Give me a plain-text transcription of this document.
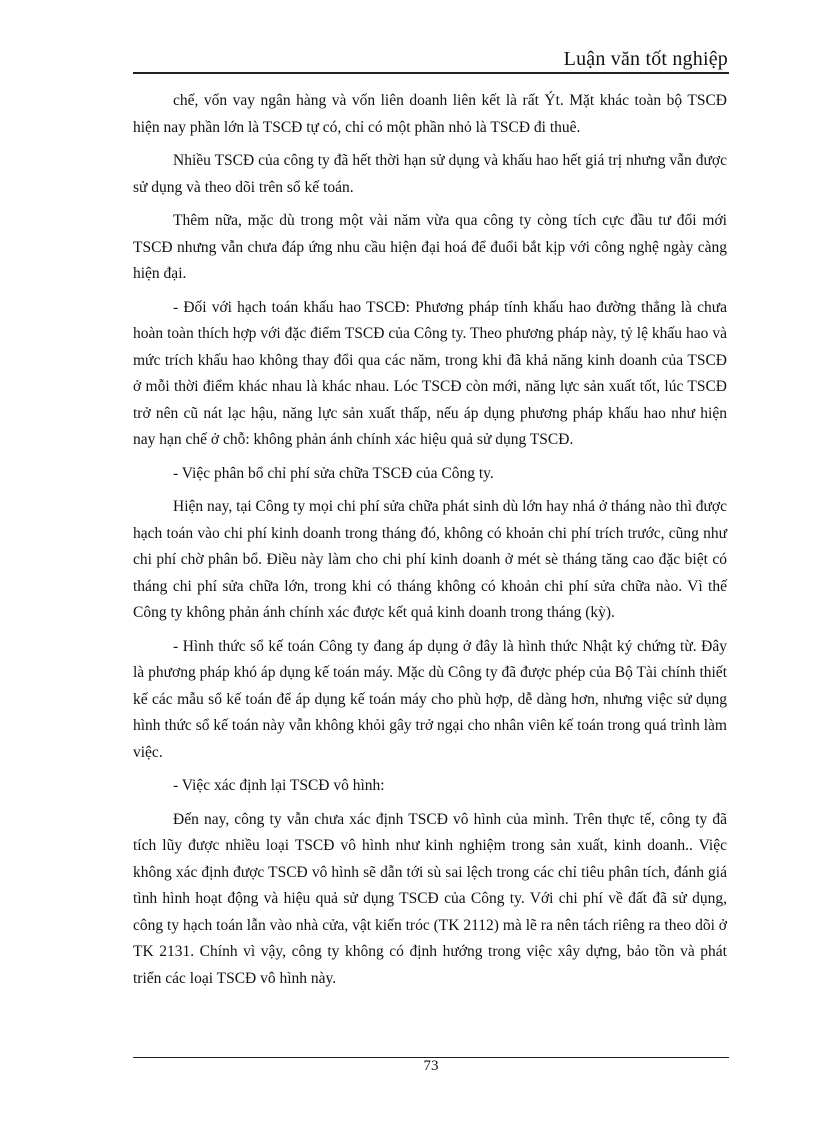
Luận văn tốt nghiệp

chế, vốn vay ngân hàng và vốn liên doanh liên kết là rất Ýt. Mặt khác toàn bộ TSCĐ hiện nay phần lớn là TSCĐ tự có, chỉ có một phần nhỏ là TSCĐ đi thuê.

Nhiều TSCĐ của công ty đã hết thời hạn sử dụng và khấu hao hết giá trị nhưng vẫn được sử dụng và theo dõi trên sổ kế toán.

Thêm nữa, mặc dù trong một vài năm vừa qua công ty còng tích cực đầu tư đổi mới TSCĐ nhưng vẫn chưa đáp ứng nhu cầu hiện đại hoá để đuổi bắt kịp với công nghệ ngày càng hiện đại.

- Đối với hạch toán khấu hao TSCĐ: Phương pháp tính khấu hao đường thẳng là chưa hoàn toàn thích hợp với đặc điểm TSCĐ của Công ty. Theo phương pháp này, tỷ lệ khấu hao và mức trích khấu hao không thay đổi qua các năm, trong khi đã khả năng kinh doanh của TSCĐ ở mỗi thời điểm khác nhau là khác nhau. Lóc TSCĐ còn mới, năng lực sản xuất tốt, lúc TSCĐ trở nên cũ nát lạc hậu, năng lực sản xuất thấp, nếu áp dụng phương pháp khấu hao như hiện nay hạn chế ở chỗ: không phản ánh chính xác hiệu quả sử dụng TSCĐ.

- Việc phân bổ chỉ phí sửa chữa TSCĐ của Công ty.

Hiện nay, tại Công ty mọi chi phí sửa chữa phát sinh dù lớn hay nhá ở tháng nào thì được hạch toán vào chi phí kinh doanh trong tháng đó, không có khoản chi phí trích trước, cũng như chi phí chờ phân bổ. Điều này làm cho chi phí kinh doanh ở mét sè tháng tăng cao đặc biệt có tháng chi phí sửa chữa lớn, trong khi có tháng không có khoản chi phí sửa chữa nào. Vì thế Công ty không phản ánh chính xác được kết quả kinh doanh trong tháng (kỳ).

- Hình thức sổ kế toán Công ty đang áp dụng ở đây là hình thức Nhật ký chứng từ. Đây là phương pháp khó áp dụng kế toán máy. Mặc dù Công ty đã được phép của Bộ Tài chính thiết kế các mẫu sổ kế toán để áp dụng kế toán máy cho phù hợp, dễ dàng hơn, nhưng việc sử dụng hình thức sổ kế toán này vẫn không khỏi gây trở ngại cho nhân viên kế toán trong quá trình làm việc.

- Việc xác định lại TSCĐ vô hình:

Đến nay, công ty vẫn chưa xác định TSCĐ vô hình của mình. Trên thực tế, công ty đã tích lũy được nhiều loại TSCĐ vô hình như kinh nghiệm trong sản xuất, kinh doanh.. Việc không xác định được TSCĐ vô hình sẽ dẫn tới sù sai lệch trong các chỉ tiêu phân tích, đánh giá tình hình hoạt động và hiệu quả sử dụng TSCĐ của Công ty. Với chi phí về đất đã sử dụng, công ty hạch toán lẫn vào nhà cửa, vật kiến tróc (TK 2112) mà lẽ ra nên tách riêng ra theo dõi ở TK 2131. Chính vì vậy, công ty không có định hướng trong việc xây dựng, bảo tồn và phát triển các loại TSCĐ vô hình này.

73
